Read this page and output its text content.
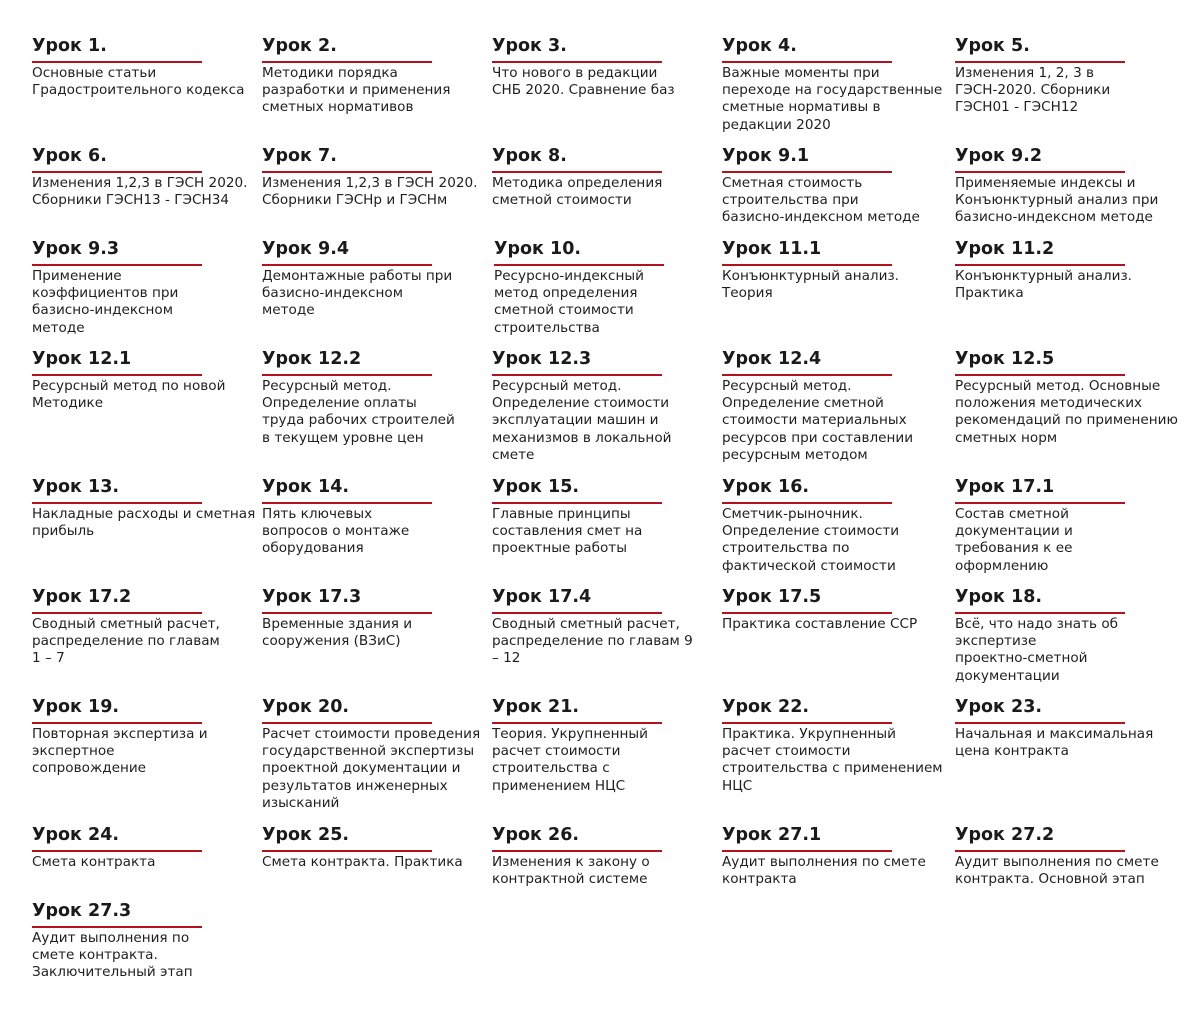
Урок 1.
Основные статьи
Градостроительного кодекса
Урок 2.
Методики порядка
разработки и применения
сметных нормативов
Урок 3.
Что нового в редакции
СНБ 2020. Сравнение баз
Урок 4.
Важные моменты при
переходе на государственные
сметные нормативы в
редакции 2020
Урок 5.
Изменения 1, 2, 3 в
ГЭСН-2020. Сборники
ГЭСН01 - ГЭСН12
Урок 6.
Изменения 1,2,3 в ГЭСН 2020.
Сборники ГЭСН13 - ГЭСН34
Урок 7.
Изменения 1,2,3 в ГЭСН 2020.
Сборники ГЭСНр и ГЭСНм
Урок 8.
Методика определения
сметной стоимости
Урок 9.1
Сметная стоимость
строительства при
базисно-индексном методе
Урок 9.2
Применяемые индексы и
Конъюнктурный анализ при
базисно-индексном методе
Урок 9.3
Применение
коэффициентов при
базисно-индексном
методе
Урок 9.4
Демонтажные работы при
базисно-индексном
методе
Урок 10.
Ресурсно-индексный
метод определения
сметной стоимости
строительства
Урок 11.1
Конъюнктурный анализ.
Теория
Урок 11.2
Конъюнктурный анализ.
Практика
Урок 12.1
Ресурсный метод по новой
Методике
Урок 12.2
Ресурсный метод.
Определение оплаты
труда рабочих строителей
в текущем уровне цен
Урок 12.3
Ресурсный метод.
Определение стоимости
эксплуатации машин и
механизмов в локальной
смете
Урок 12.4
Ресурсный метод.
Определение сметной
стоимости материальных
ресурсов при составлении
ресурсным методом
Урок 12.5
Ресурсный метод. Основные
положения методических
рекомендаций по применению
сметных норм
Урок 13.
Накладные расходы и сметная
прибыль
Урок 14.
Пять ключевых
вопросов о монтаже
оборудования
Урок 15.
Главные принципы
составления смет на
проектные работы
Урок 16.
Сметчик-рыночник.
Определение стоимости
строительства по
фактической стоимости
Урок 17.1
Состав сметной
документации и
требования к ее
оформлению
Урок 17.2
Сводный сметный расчет,
распределение по главам
1 – 7
Урок 17.3
Временные здания и
сооружения (ВЗиС)
Урок 17.4
Сводный сметный расчет,
распределение по главам 9
– 12
Урок 17.5
Практика составление ССР
Урок 18.
Всё, что надо знать об
экспертизе
проектно-сметной
документации
Урок 19.
Повторная экспертиза и
экспертное
сопровождение
Урок 20.
Расчет стоимости проведения
государственной экспертизы
проектной документации и
результатов инженерных
изысканий
Урок 21.
Теория. Укрупненный
расчет стоимости
строительства с
применением НЦС
Урок 22.
Практика. Укрупненный
расчет стоимости
строительства с применением
НЦС
Урок 23.
Начальная и максимальная
цена контракта
Урок 24.
Смета контракта
Урок 25.
Смета контракта. Практика
Урок 26.
Изменения к закону о
контрактной системе
Урок 27.1
Аудит выполнения по смете
контракта
Урок 27.2
Аудит выполнения по смете
контракта. Основной этап
Урок 27.3
Аудит выполнения по
смете контракта.
Заключительный этап
